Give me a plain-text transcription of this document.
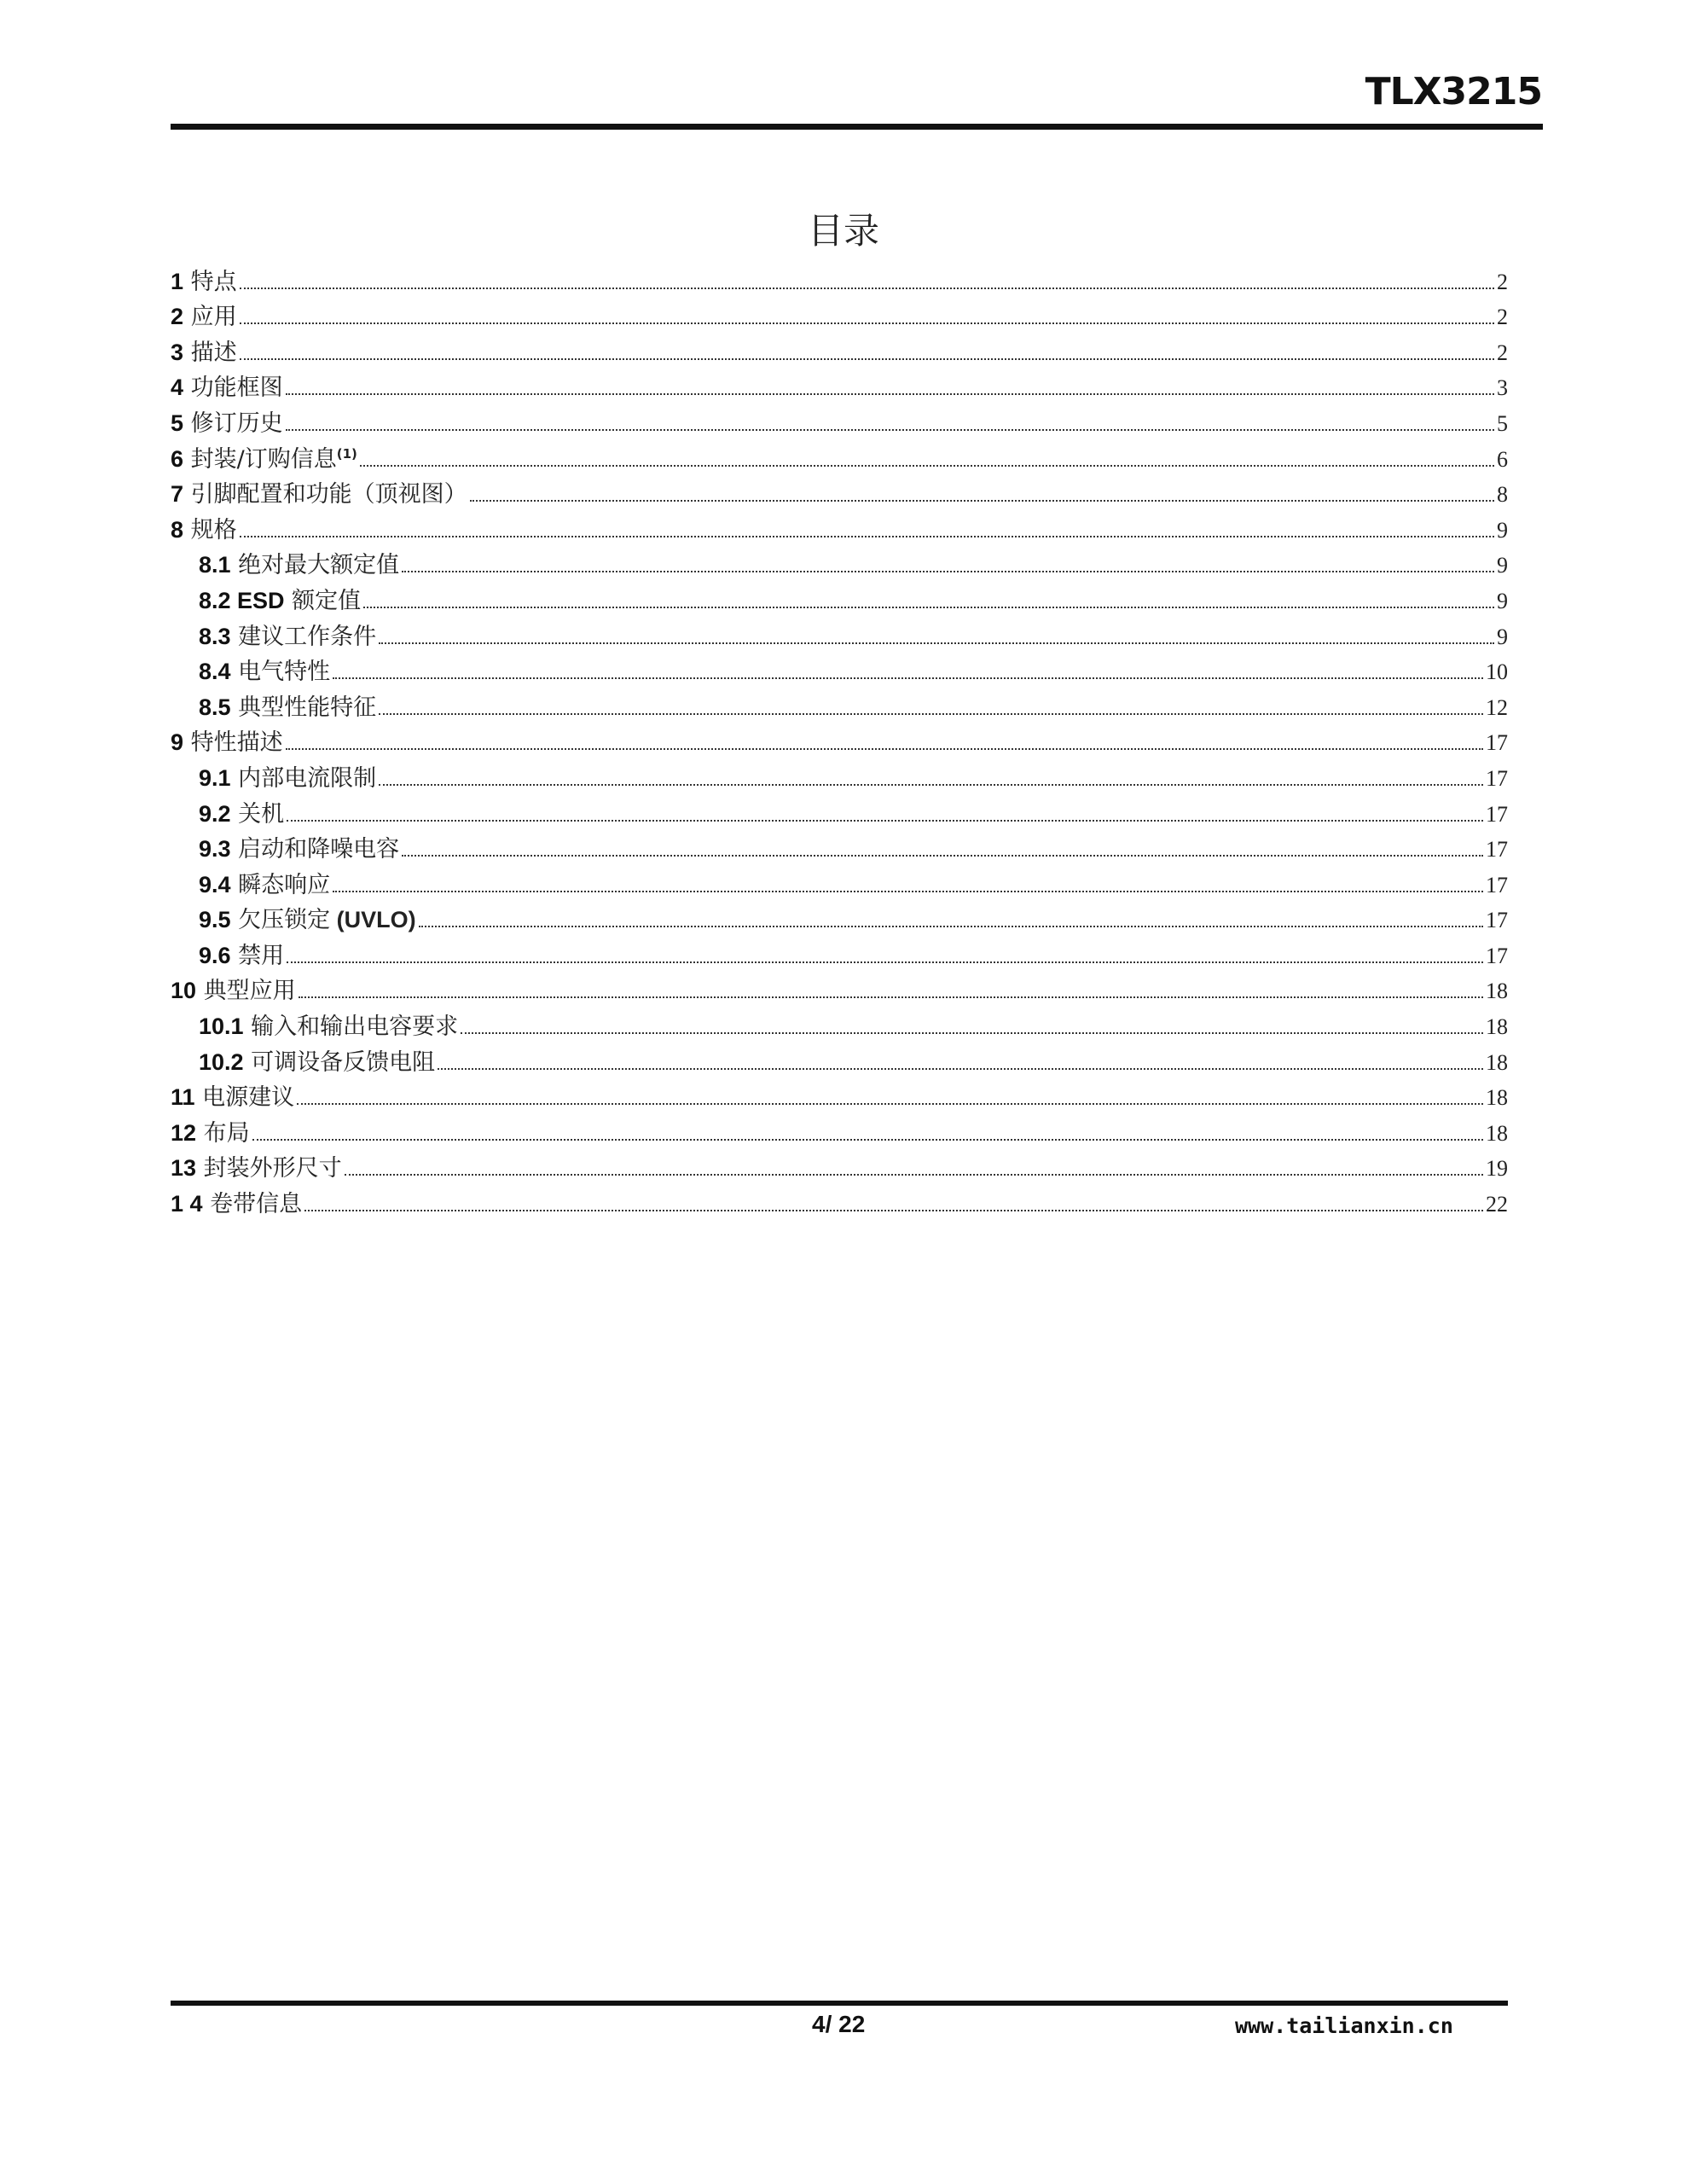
TLX3215
目录
1 特点	2
2 应用	2
3 描述	2
4 功能框图	3
5 修订历史	5
6 封装/订购信息$^{(1)}$	6
7 引脚配置和功能（顶视图）	8
8 规格	9
8.1 绝对最大额定值	9
8.2 ESD 额定值	9
8.3 建议工作条件	9
8.4 电气特性	10
8.5 典型性能特征	12
9 特性描述	17
9.1 内部电流限制	17
9.2 关机	17
9.3 启动和降噪电容	17
9.4 瞬态响应	17
9.5 欠压锁定 (UVLO)	17
9.6 禁用	17
10 典型应用	18
10.1 输入和输出电容要求	18
10.2 可调设备反馈电阻	18
11 电源建议	18
12 布局	18
13 封装外形尺寸	19
1 4 卷带信息	22
4/ 22	www.tailianxin.cn
